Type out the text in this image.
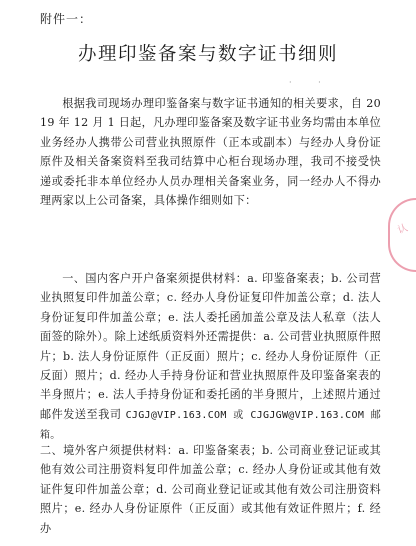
附件一：
办理印鉴备案与数字证书细则
· ·
根据我司现场办理印鉴备案与数字证书通知的相关要求，自 2019 年 12 月 1 日起，凡办理印鉴备案及数字证书业务均需由本单位业务经办人携带公司营业执照原件（正本或副本）与经办人身份证原件及相关备案资料至我司结算中心柜台现场办理，我司不接受快递或委托非本单位经办人员办理相关备案业务，同一经办人不得办理两家以上公司备案，具体操作细则如下：
一、国内客户开户备案须提供材料：a. 印鉴备案表；b. 公司营业执照复印件加盖公章；c. 经办人身份证复印件加盖公章；d. 法人身份证复印件加盖公章；e. 法人委托函加盖公章及法人私章（法人面签的除外）。除上述纸质资料外还需提供：a. 公司营业执照原件照片；b. 法人身份证原件（正反面）照片；c. 经办人身份证原件（正反面）照片；d. 经办人手持身份证和营业执照原件及印鉴备案表的半身照片；e. 法人手持身份证和委托函的半身照片，上述照片通过邮件发送至我司 CJGJ@VIP.163.COM 或 CJGJGW@VIP.163.COM 邮箱。
二、境外客户须提供材料：a. 印鉴备案表；b. 公司商业登记证或其他有效公司注册资料复印件加盖公章；c. 经办人身份证或其他有效证件复印件加盖公章；d. 公司商业登记证或其他有效公司注册资料照片；e. 经办人身份证原件（正反面）或其他有效证件照片；f. 经办
认
